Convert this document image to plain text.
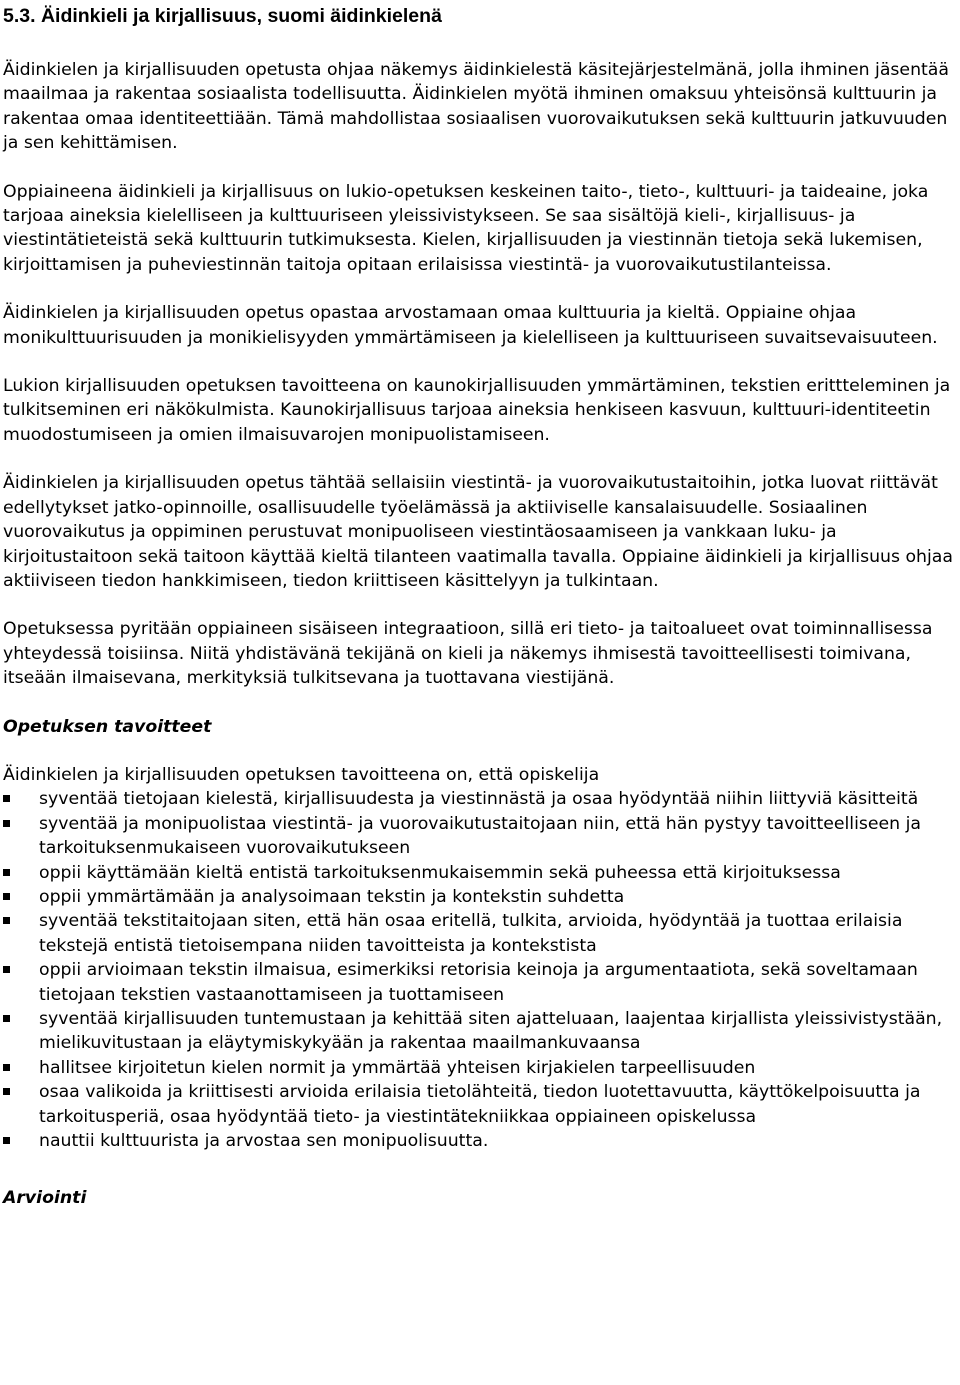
5.3. Äidinkieli ja kirjallisuus, suomi äidinkielenä

Äidinkielen ja kirjallisuuden opetusta ohjaa näkemys äidinkielestä käsitejärjestelmänä, jolla ihminen jäsentää maailmaa ja rakentaa sosiaalista todellisuutta. Äidinkielen myötä ihminen omaksuu yhteisönsä kulttuurin ja rakentaa omaa identiteettiään. Tämä mahdollistaa sosiaalisen vuorovaikutuksen sekä kulttuurin jatkuvuuden ja sen kehittämisen.

Oppiaineena äidinkieli ja kirjallisuus on lukio-opetuksen keskeinen taito-, tieto-, kulttuuri- ja taideaine, joka tarjoaa aineksia kielelliseen ja kulttuuriseen yleissivistykseen. Se saa sisältöjä kieli-, kirjallisuus- ja viestintätieteistä sekä kulttuurin tutkimuksesta. Kielen, kirjallisuuden ja viestinnän tietoja sekä lukemisen, kirjoittamisen ja puheviestinnän taitoja opitaan erilaisissa viestintä- ja vuorovaikutustilanteissa.

Äidinkielen ja kirjallisuuden opetus opastaa arvostamaan omaa kulttuuria ja kieltä. Oppiaine ohjaa monikulttuurisuuden ja monikielisyyden ymmärtämiseen ja kielelliseen ja kulttuuriseen suvaitsevaisuuteen.

Lukion kirjallisuuden opetuksen tavoitteena on kaunokirjallisuuden ymmärtäminen, tekstien erittteleminen ja tulkitseminen eri näkökulmista. Kaunokirjallisuus tarjoaa aineksia henkiseen kasvuun, kulttuuri-identiteetin muodostumiseen ja omien ilmaisuvarojen monipuolistamiseen.

Äidinkielen ja kirjallisuuden opetus tähtää sellaisiin viestintä- ja vuorovaikutustaitoihin, jotka luovat riittävät edellytykset jatko-opinnoille, osallisuudelle työelämässä ja aktiiviselle kansalaisuudelle. Sosiaalinen vuorovaikutus ja oppiminen perustuvat monipuoliseen viestintäosaamiseen ja vankkaan luku- ja kirjoitustaitoon sekä taitoon käyttää kieltä tilanteen vaatimalla tavalla. Oppiaine äidinkieli ja kirjallisuus ohjaa aktiiviseen tiedon hankkimiseen, tiedon kriittiseen käsittelyyn ja tulkintaan.

Opetuksessa pyritään oppiaineen sisäiseen integraatioon, sillä eri tieto- ja taitoalueet ovat toiminnallisessa yhteydessä toisiinsa. Niitä yhdistävänä tekijänä on kieli ja näkemys ihmisestä tavoitteellisesti toimivana, itseään ilmaisevana, merkityksiä tulkitsevana ja tuottavana viestijänä.

Opetuksen tavoitteet

Äidinkielen ja kirjallisuuden opetuksen tavoitteena on, että opiskelija

syventää tietojaan kielestä, kirjallisuudesta ja viestinnästä ja osaa hyödyntää niihin liittyviä käsitteitä
syventää ja monipuolistaa viestintä- ja vuorovaikutustaitojaan niin, että hän pystyy tavoitteelliseen ja tarkoituksenmukaiseen vuorovaikutukseen
oppii käyttämään kieltä entistä tarkoituksenmukaisemmin sekä puheessa että kirjoituksessa
oppii ymmärtämään ja analysoimaan tekstin ja kontekstin suhdetta
syventää tekstitaitojaan siten, että hän osaa eritellä, tulkita, arvioida, hyödyntää ja tuottaa erilaisia tekstejä entistä tietoisempana niiden tavoitteista ja kontekstista
oppii arvioimaan tekstin ilmaisua, esimerkiksi retorisia keinoja ja argumentaatiota, sekä soveltamaan tietojaan tekstien vastaanottamiseen ja tuottamiseen
syventää kirjallisuuden tuntemustaan ja kehittää siten ajatteluaan, laajentaa kirjallista yleissivistystään, mielikuvitustaan ja eläytymiskykyään ja rakentaa maailmankuvaansa
hallitsee kirjoitetun kielen normit ja ymmärtää yhteisen kirjakielen tarpeellisuuden
osaa valikoida ja kriittisesti arvioida erilaisia tietolähteitä, tiedon luotettavuutta, käyttökelpoisuutta ja tarkoitusperiä, osaa hyödyntää tieto- ja viestintätekniikkaa oppiaineen opiskelussa
nauttii kulttuurista ja arvostaa sen monipuolisuutta.
Arviointi
